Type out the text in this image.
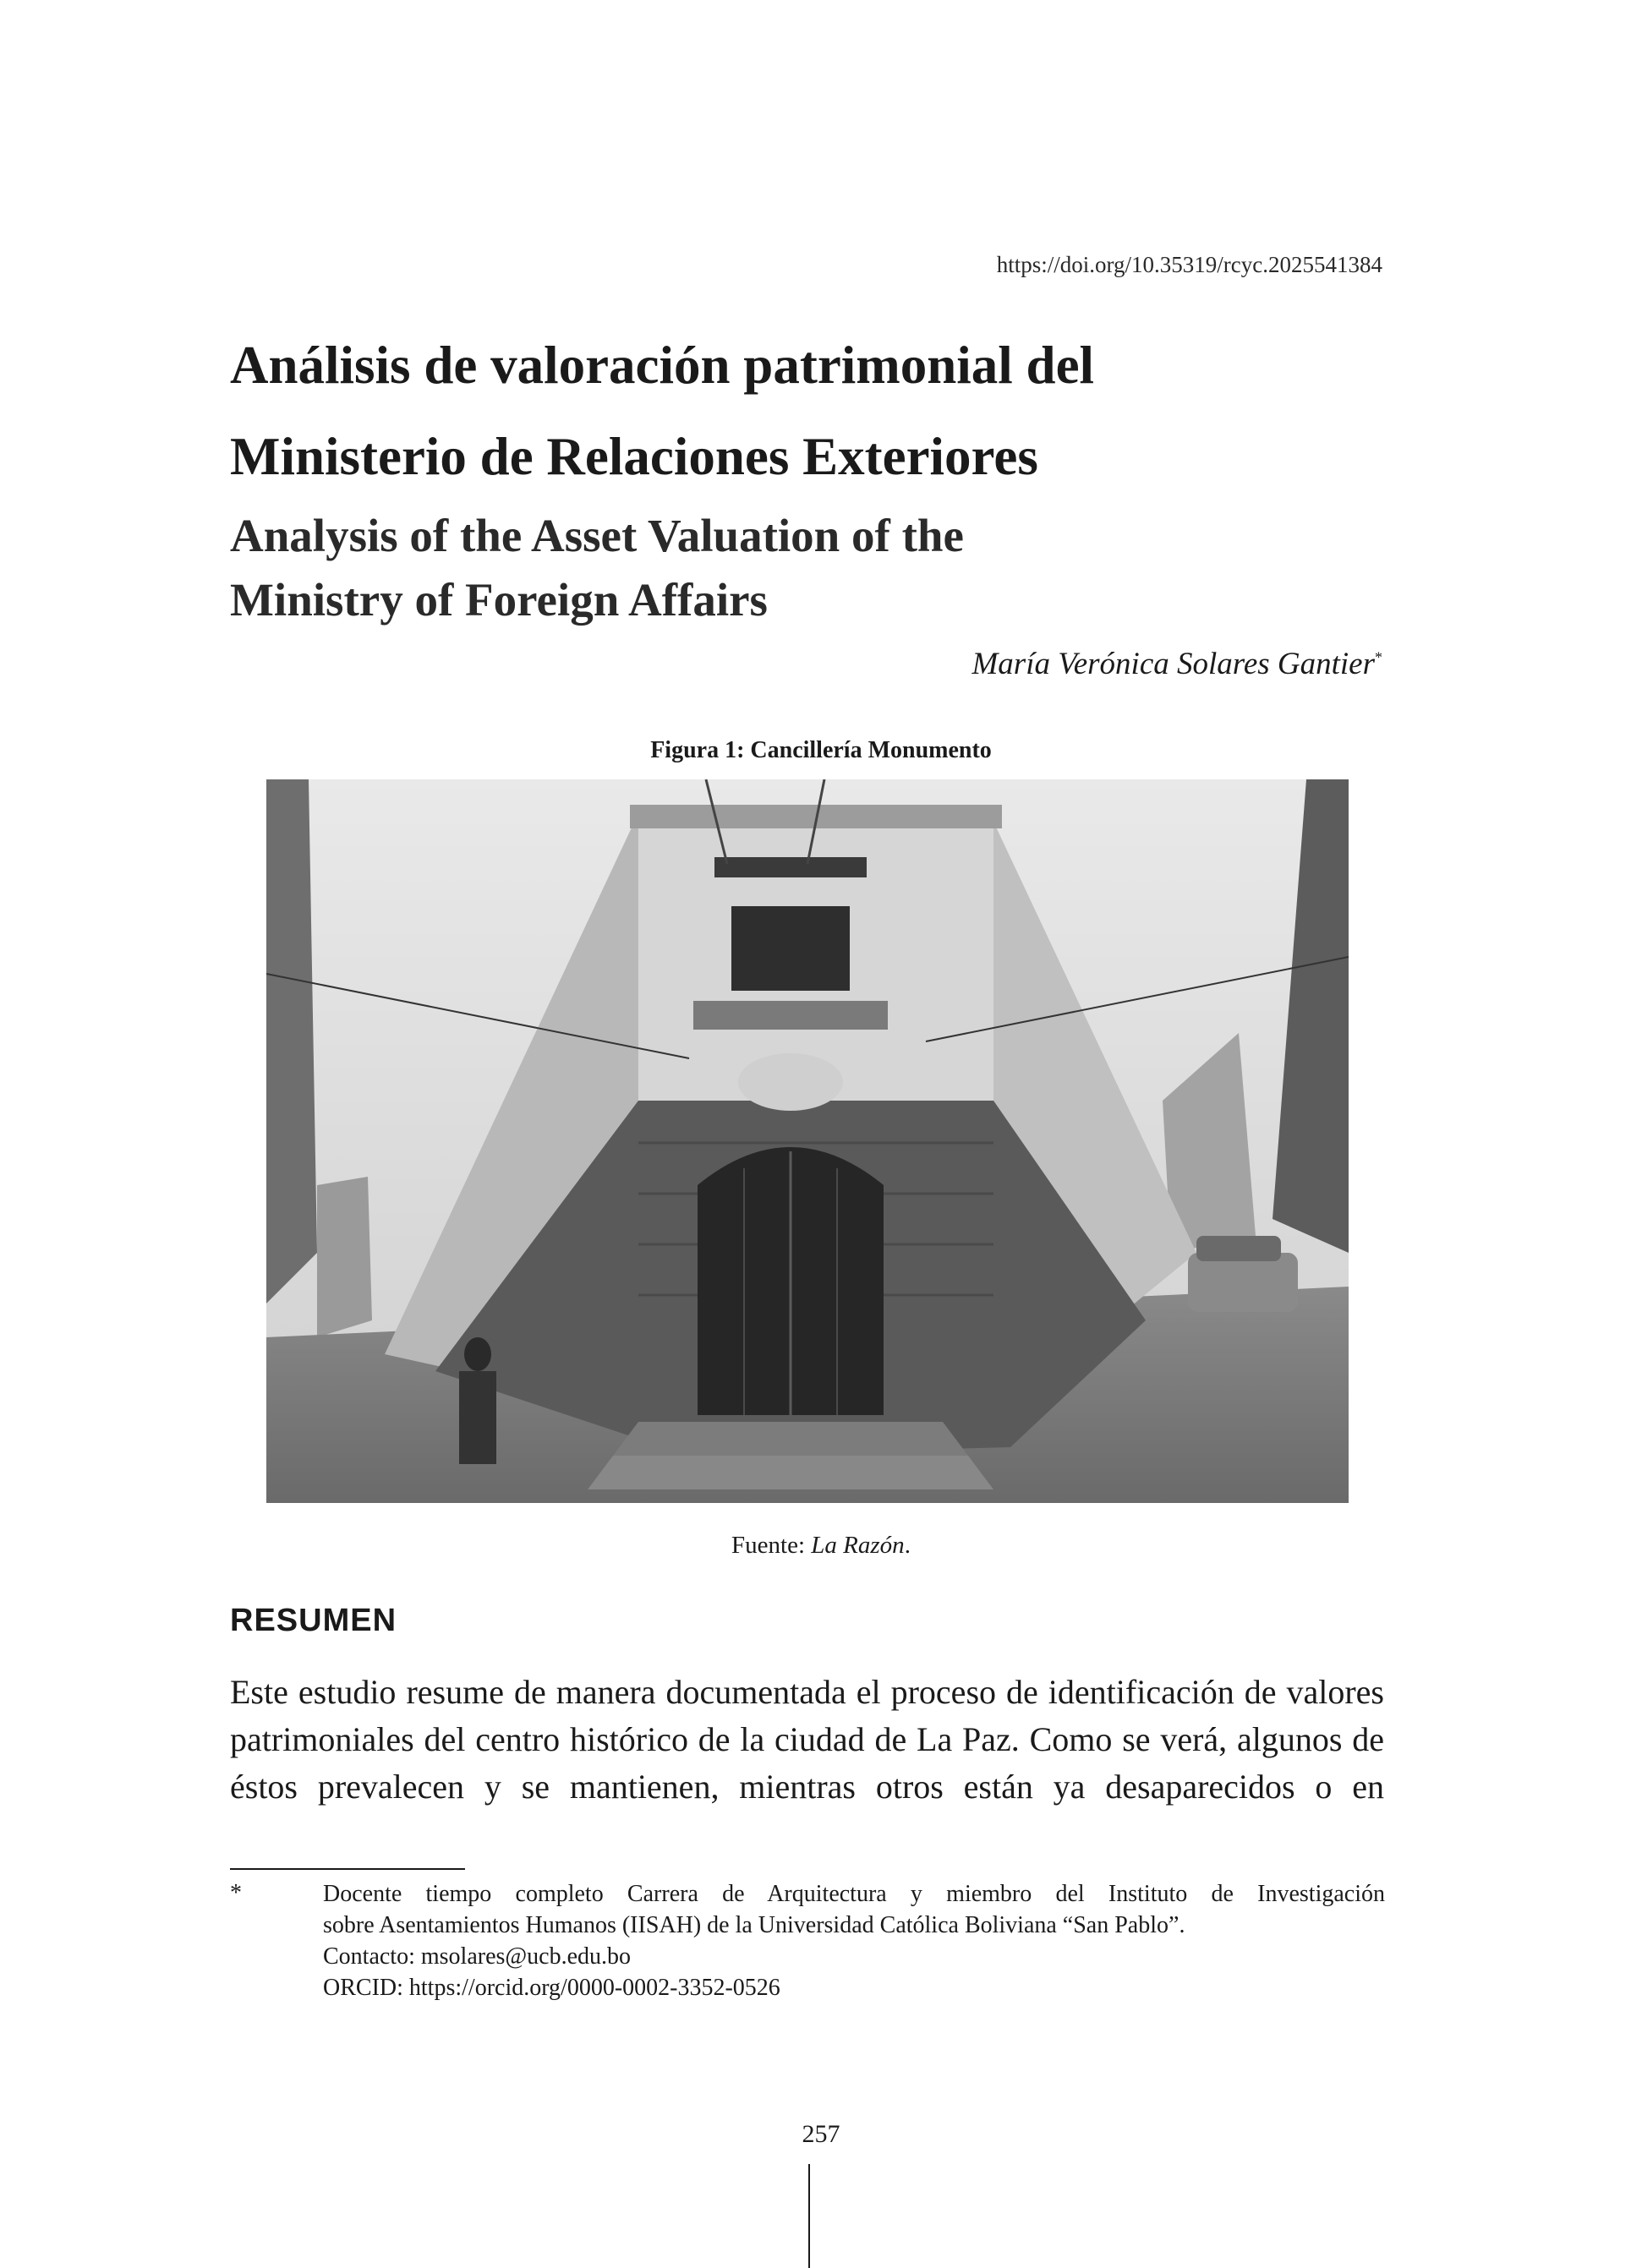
https://doi.org/10.35319/rcyc.2025541384
Análisis de valoración patrimonial del
Ministerio de Relaciones Exteriores
Analysis of the Asset Valuation of the
Ministry of Foreign Affairs
María Verónica Solares Gantier*
Figura 1: Cancillería Monumento
Fuente: La Razón.
RESUMEN

Este estudio resume de manera documentada el proceso de identificación de valores patrimoniales del centro histórico de la ciudad de La Paz. Como se verá, algunos de éstos prevalecen y se mantienen, mientras otros están ya desaparecidos o en

*	Docente tiempo completo Carrera de Arquitectura y miembro del Instituto de Investigación
sobre Asentamientos Humanos (IISAH) de la Universidad Católica Boliviana “San Pablo”.
Contacto: msolares@ucb.edu.bo
ORCID: https://orcid.org/0000-0002-3352-0526
257
